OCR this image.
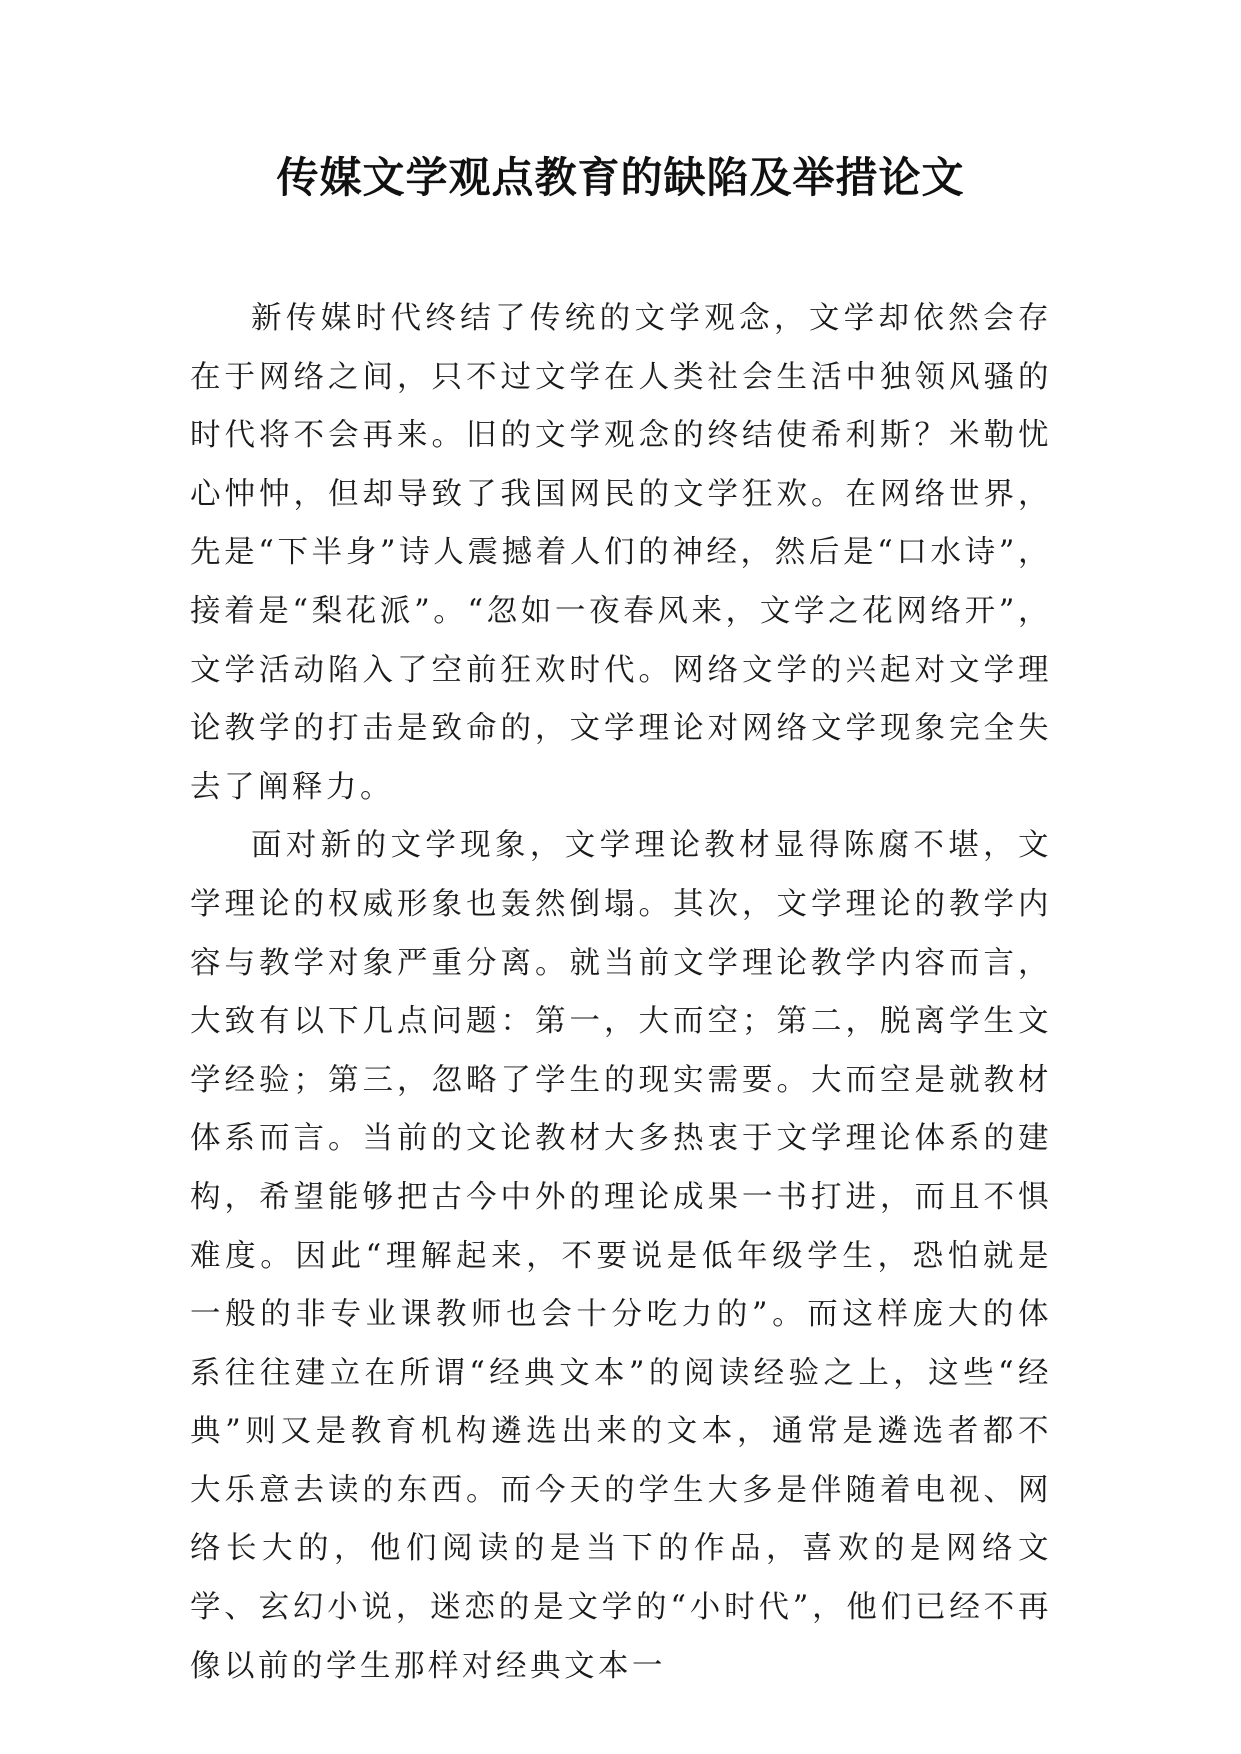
传媒文学观点教育的缺陷及举措论文

新传媒时代终结了传统的文学观念，文学却依然会存在于网络之间，只不过文学在人类社会生活中独领风骚的时代将不会再来。旧的文学观念的终结使希利斯？米勒忧心忡忡，但却导致了我国网民的文学狂欢。在网络世界，先是“下半身”诗人震撼着人们的神经，然后是“口水诗”，接着是“梨花派”。“忽如一夜春风来，文学之花网络开”，文学活动陷入了空前狂欢时代。网络文学的兴起对文学理论教学的打击是致命的，文学理论对网络文学现象完全失去了阐释力。

面对新的文学现象，文学理论教材显得陈腐不堪，文学理论的权威形象也轰然倒塌。其次，文学理论的教学内容与教学对象严重分离。就当前文学理论教学内容而言，大致有以下几点问题：第一，大而空；第二，脱离学生文学经验；第三，忽略了学生的现实需要。大而空是就教材体系而言。当前的文论教材大多热衷于文学理论体系的建构，希望能够把古今中外的理论成果一书打进，而且不惧难度。因此“理解起来，不要说是低年级学生，恐怕就是一般的非专业课教师也会十分吃力的”。而这样庞大的体系往往建立在所谓“经典文本”的阅读经验之上，这些“经典”则又是教育机构遴选出来的文本，通常是遴选者都不大乐意去读的东西。而今天的学生大多是伴随着电视、网络长大的，他们阅读的是当下的作品，喜欢的是网络文学、玄幻小说，迷恋的是文学的“小时代”，他们已经不再像以前的学生那样对经典文本一
